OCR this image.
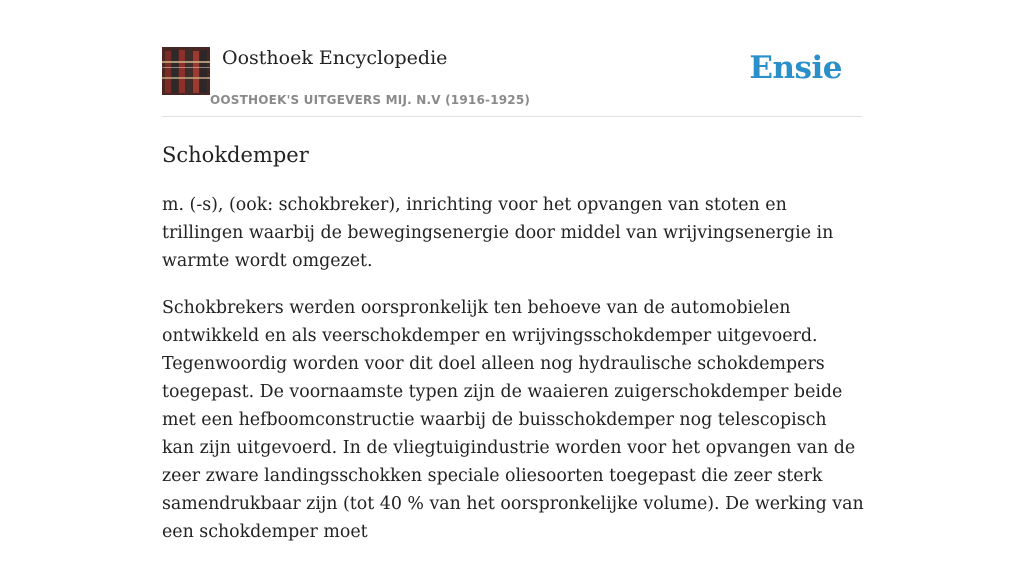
Oosthoek Encyclopedie
OOSTHOEK'S UITGEVERS MIJ. N.V (1916-1925)
Ensie
Schokdemper

m. (-s), (ook: schokbreker), inrichting voor het opvangen van stoten en trillingen waarbij de bewegingsenergie door middel van wrijvingsenergie in warmte wordt omgezet.

Schokbrekers werden oorspronkelijk ten behoeve van de automobielen ontwikkeld en als veerschokdemper en wrijvingsschokdemper uitgevoerd. Tegenwoordig worden voor dit doel alleen nog hydraulische schokdempers toegepast. De voornaamste typen zijn de waaieren zuigerschokdemper beide met een hefboomconstructie waarbij de buisschokdemper nog telescopisch kan zijn uitgevoerd. In de vliegtuigindustrie worden voor het opvangen van de zeer zware landingsschokken speciale oliesoorten toegepast die zeer sterk samendrukbaar zijn (tot 40 % van het oorspronkelijke volume). De werking van een schokdemper moet
